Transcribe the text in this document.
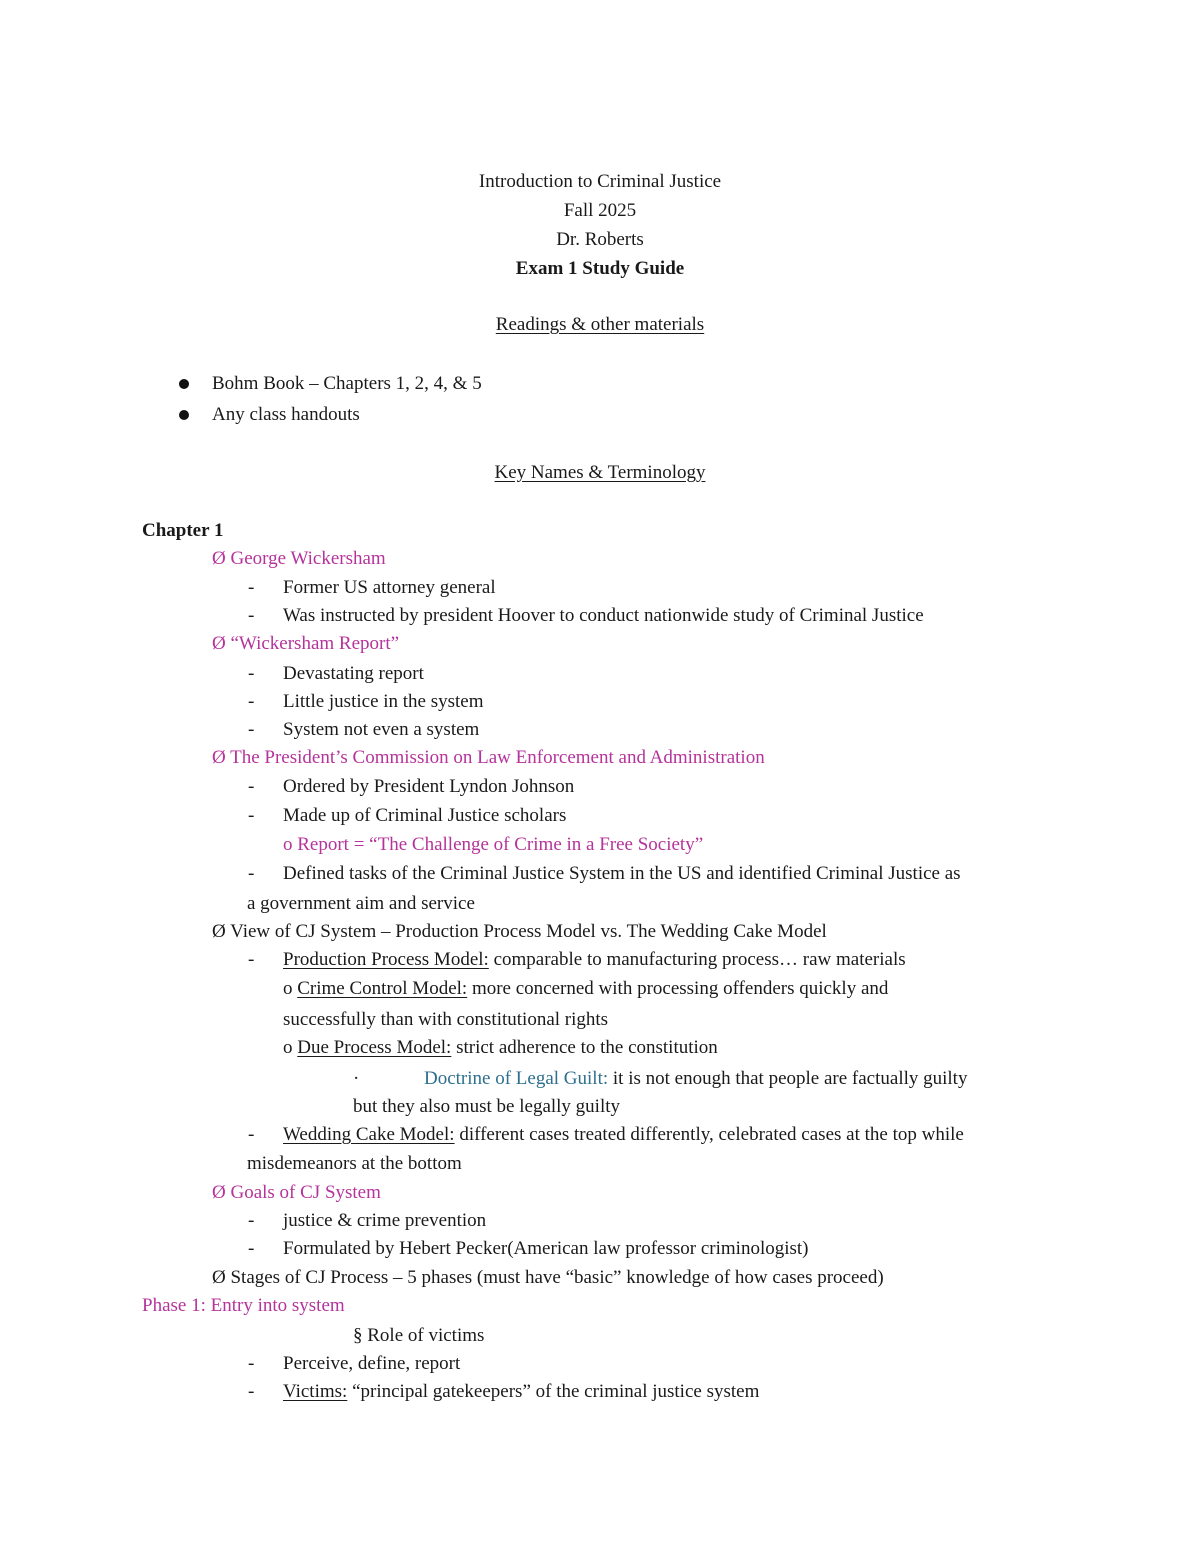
Introduction to Criminal Justice
Fall 2025
Dr. Roberts
Exam 1 Study Guide
Readings & other materials
Bohm Book – Chapters 1, 2, 4, & 5
Any class handouts
Key Names & Terminology
Chapter 1
Ø George Wickersham
- Former US attorney general
- Was instructed by president Hoover to conduct nationwide study of Criminal Justice
Ø “Wickersham Report”
- Devastating report
- Little justice in the system
- System not even a system
Ø The President’s Commission on Law Enforcement and Administration
- Ordered by President Lyndon Johnson
- Made up of Criminal Justice scholars
o Report = “The Challenge of Crime in a Free Society”
- Defined tasks of the Criminal Justice System in the US and identified Criminal Justice as
a government aim and service
Ø View of CJ System – Production Process Model vs. The Wedding Cake Model
- Production Process Model: comparable to manufacturing process… raw materials
o Crime Control Model: more concerned with processing offenders quickly and
successfully than with constitutional rights
o Due Process Model: strict adherence to the constitution
·	Doctrine of Legal Guilt: it is not enough that people are factually guilty
but they also must be legally guilty
- Wedding Cake Model: different cases treated differently, celebrated cases at the top while
misdemeanors at the bottom
Ø Goals of CJ System
- justice & crime prevention
- Formulated by Hebert Pecker(American law professor criminologist)
Ø Stages of CJ Process – 5 phases (must have “basic” knowledge of how cases proceed)
Phase 1: Entry into system
§ Role of victims
- Perceive, define, report
- Victims: “principal gatekeepers” of the criminal justice system
